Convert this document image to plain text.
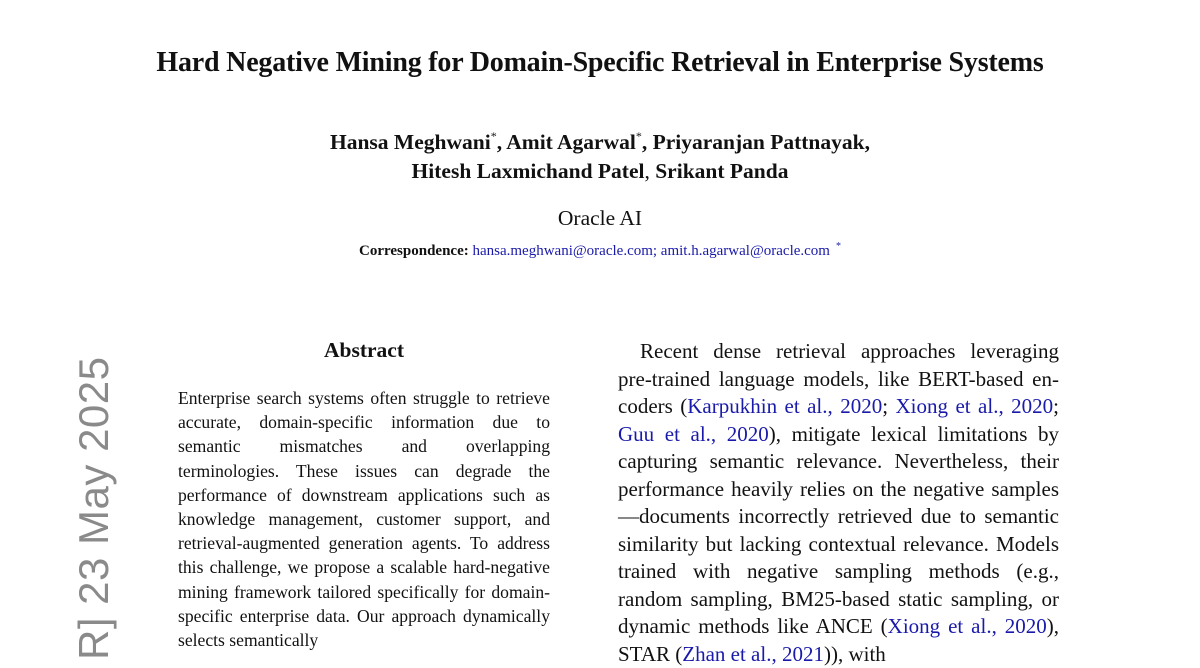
Hard Negative Mining for Domain-Specific Retrieval in Enterprise Systems
Hansa Meghwani*, Amit Agarwal*, Priyaranjan Pattnayak,
Hitesh Laxmichand Patel, Srikant Panda
Oracle AI
Correspondence: hansa.meghwani@oracle.com; amit.h.agarwal@oracle.com *
R] 23 May 2025
Abstract
Enterprise search systems often struggle to retrieve accurate, domain-specific information due to semantic mismatches and overlapping terminologies. These issues can degrade the performance of downstream applications such as knowledge management, customer support, and retrieval-augmented generation agents. To address this challenge, we propose a scalable hard-negative mining framework tailored specifically for domain-specific enterprise data. Our approach dynamically selects semantically
Recent dense retrieval approaches leveraging pre-trained language models, like BERT-based encoders (Karpukhin et al., 2020; Xiong et al., 2020; Guu et al., 2020), mitigate lexical limitations by capturing semantic relevance. Nevertheless, their performance heavily relies on the negative samples—documents incorrectly retrieved due to semantic similarity but lacking contextual relevance. Models trained with negative sampling methods (e.g., random sampling, BM25-based static sampling, or dynamic methods like ANCE (Xiong et al., 2020), STAR (Zhan et al., 2021)), with
